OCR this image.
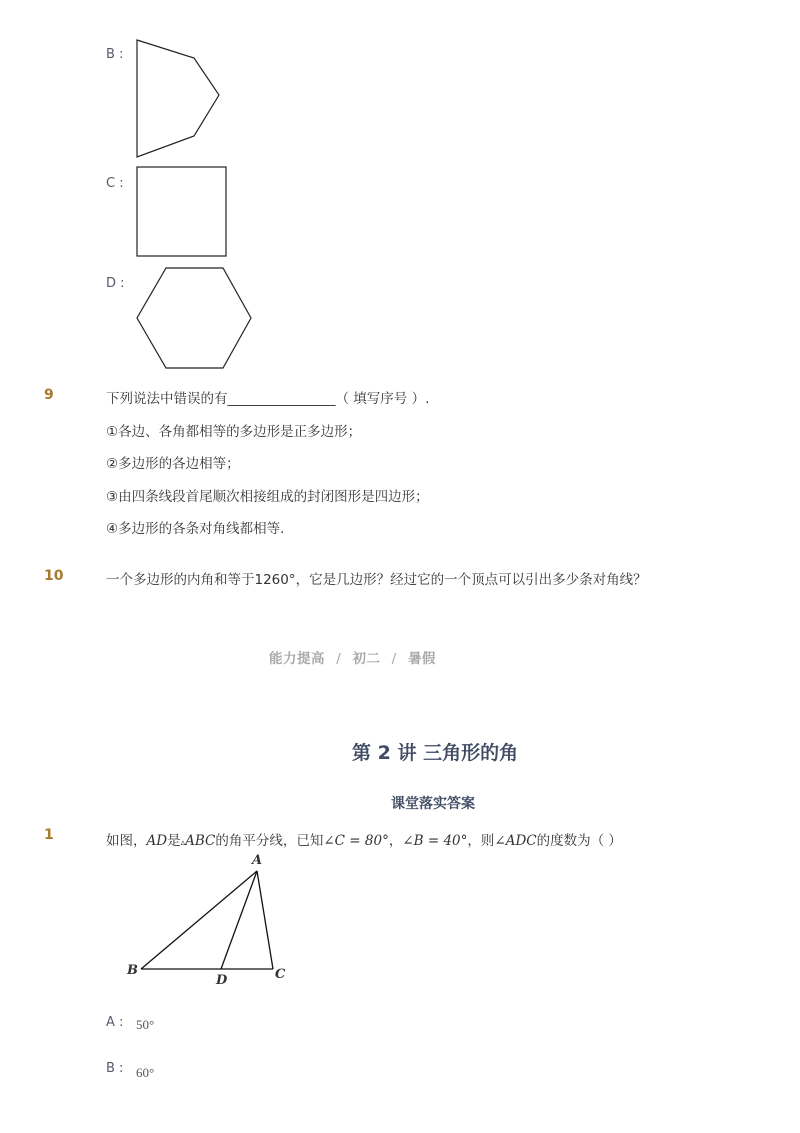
B :
C :
D :
9	下列说法中错误的有________________（ 填写序号 ）.
①各边、各角都相等的多边形是正多边形；
②多边形的各边相等；
③由四条线段首尾顺次相接组成的封闭图形是四边形；
④多边形的各条对角线都相等．
10	一个多边形的内角和等于1260°，它是几边形？经过它的一个顶点可以引出多少条对角线？
能力提高 / 初二 / 暑假
第 2 讲 三角形的角
课堂落实答案
1	如图，AD是▵ABC的角平分线，已知∠C = 80°，∠B = 40°，则∠ADC的度数为（ ）
A
B
D	C
A : 50°
B : 60°
